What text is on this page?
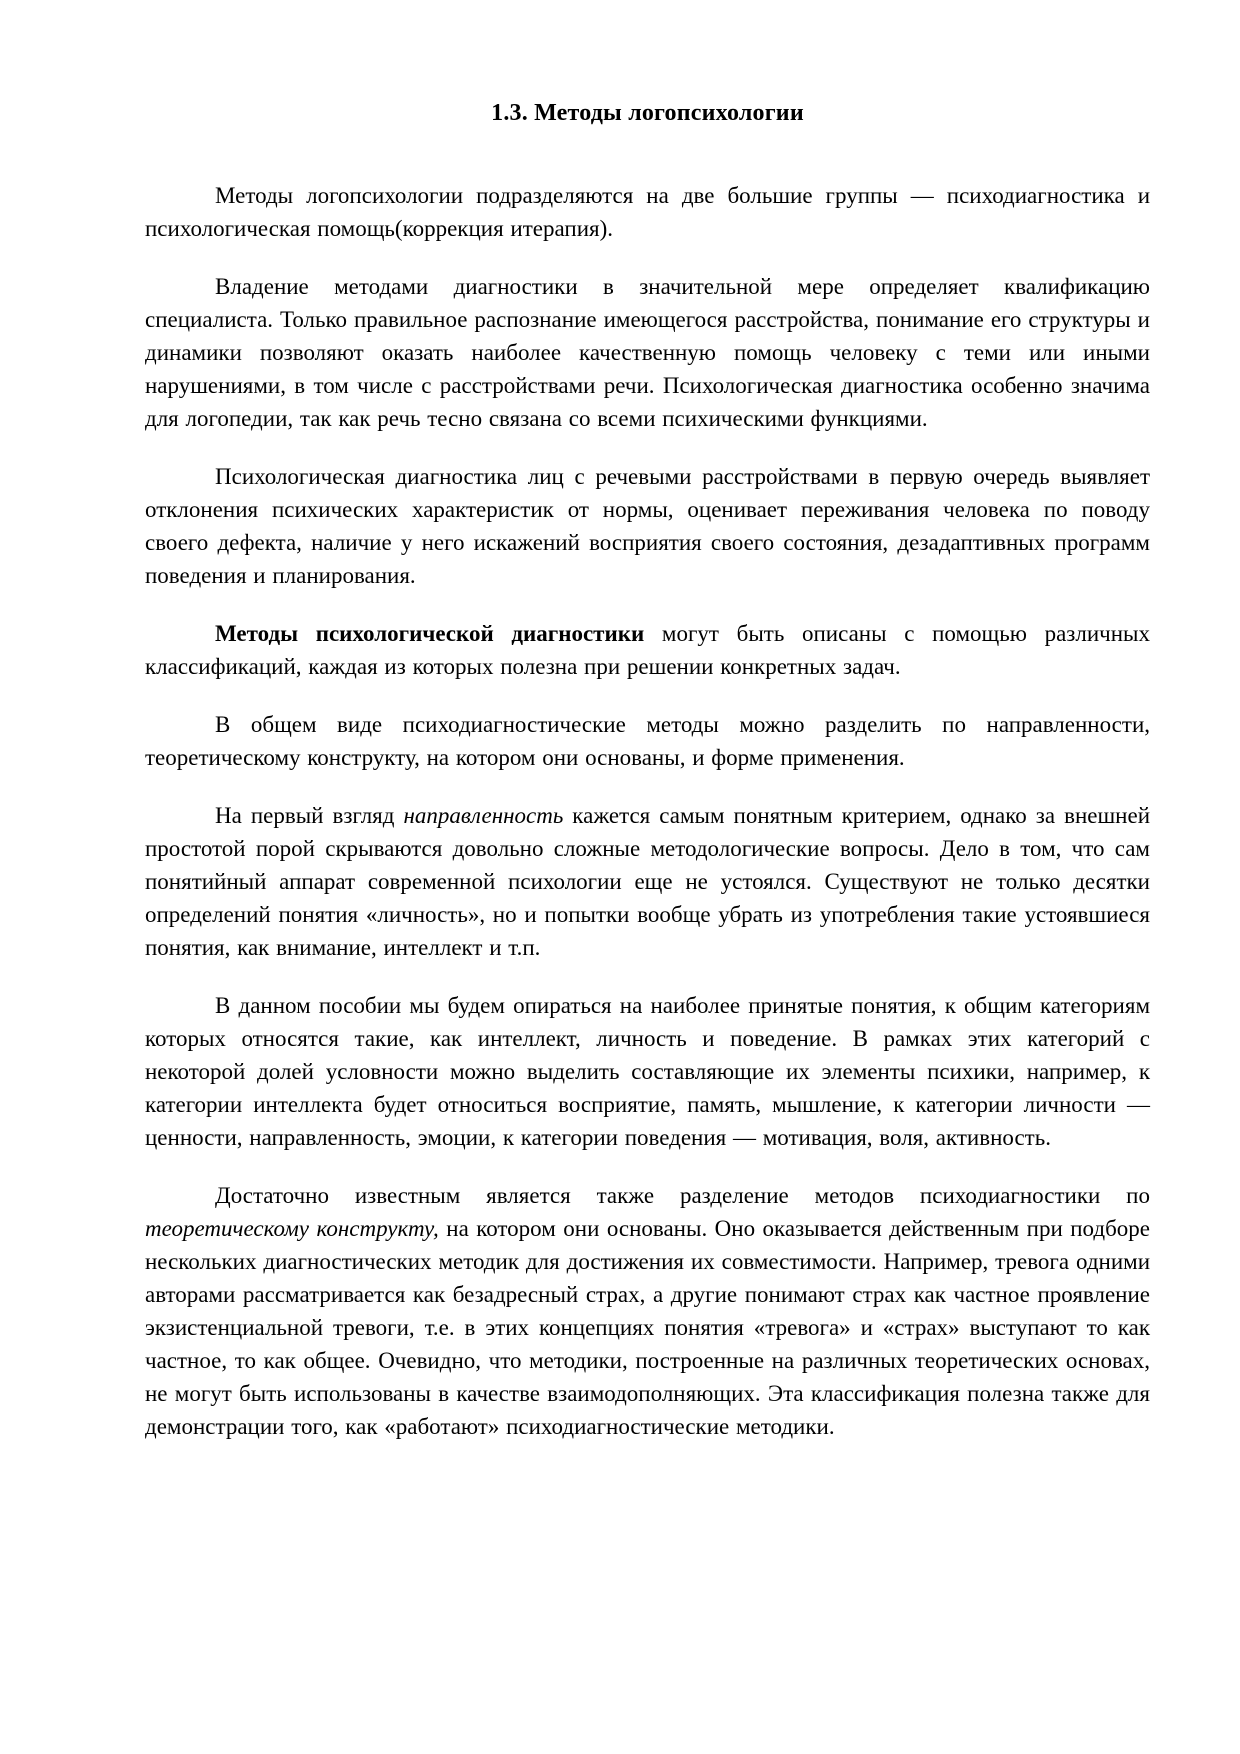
1.3. Методы логопсихологии

Методы логопсихологии подразделяются на две большие группы — психодиагностика и психологическая помощь(коррекция итерапия).

Владение методами диагностики в значительной мере определяет квалификацию специалиста. Только правильное распознание имеющегося расстройства, понимание его структуры и динамики позволяют оказать наиболее качественную помощь человеку с теми или иными нарушениями, в том числе с расстройствами речи. Психологическая диагностика особенно значима для логопедии, так как речь тесно связана со всеми психическими функциями.

Психологическая диагностика лиц с речевыми расстройствами в первую очередь выявляет отклонения психических характеристик от нормы, оценивает переживания человека по поводу своего дефекта, наличие у него искажений восприятия своего состояния, дезадаптивных программ поведения и планирования.

Методы психологической диагностики могут быть описаны с помощью различных классификаций, каждая из которых полезна при решении конкретных задач.

В общем виде психодиагностические методы можно разделить по направленности, теоретическому конструкту, на котором они основаны, и форме применения.

На первый взгляд направленность кажется самым понятным критерием, однако за внешней простотой порой скрываются довольно сложные методологические вопросы. Дело в том, что сам понятийный аппарат современной психологии еще не устоялся. Существуют не только десятки определений понятия «личность», но и попытки вообще убрать из употребления такие устоявшиеся понятия, как внимание, интеллект и т.п.

В данном пособии мы будем опираться на наиболее принятые понятия, к общим категориям которых относятся такие, как интеллект, личность и поведение. В рамках этих категорий с некоторой долей условности можно выделить составляющие их элементы психики, например, к категории интеллекта будет относиться восприятие, память, мышление, к категории личности — ценности, направленность, эмоции, к категории поведения — мотивация, воля, активность.

Достаточно известным является также разделение методов психодиагностики по теоретическому конструкту, на котором они основаны. Оно оказывается действенным при подборе нескольких диагностических методик для достижения их совместимости. Например, тревога одними авторами рассматривается как безадресный страх, а другие понимают страх как частное проявление экзистенциальной тревоги, т.е. в этих концепциях понятия «тревога» и «страх» выступают то как частное, то как общее. Очевидно, что методики, построенные на различных теоретических основах, не могут быть использованы в качестве взаимодополняющих. Эта классификация полезна также для демонстрации того, как «работают» психодиагностические методики.
